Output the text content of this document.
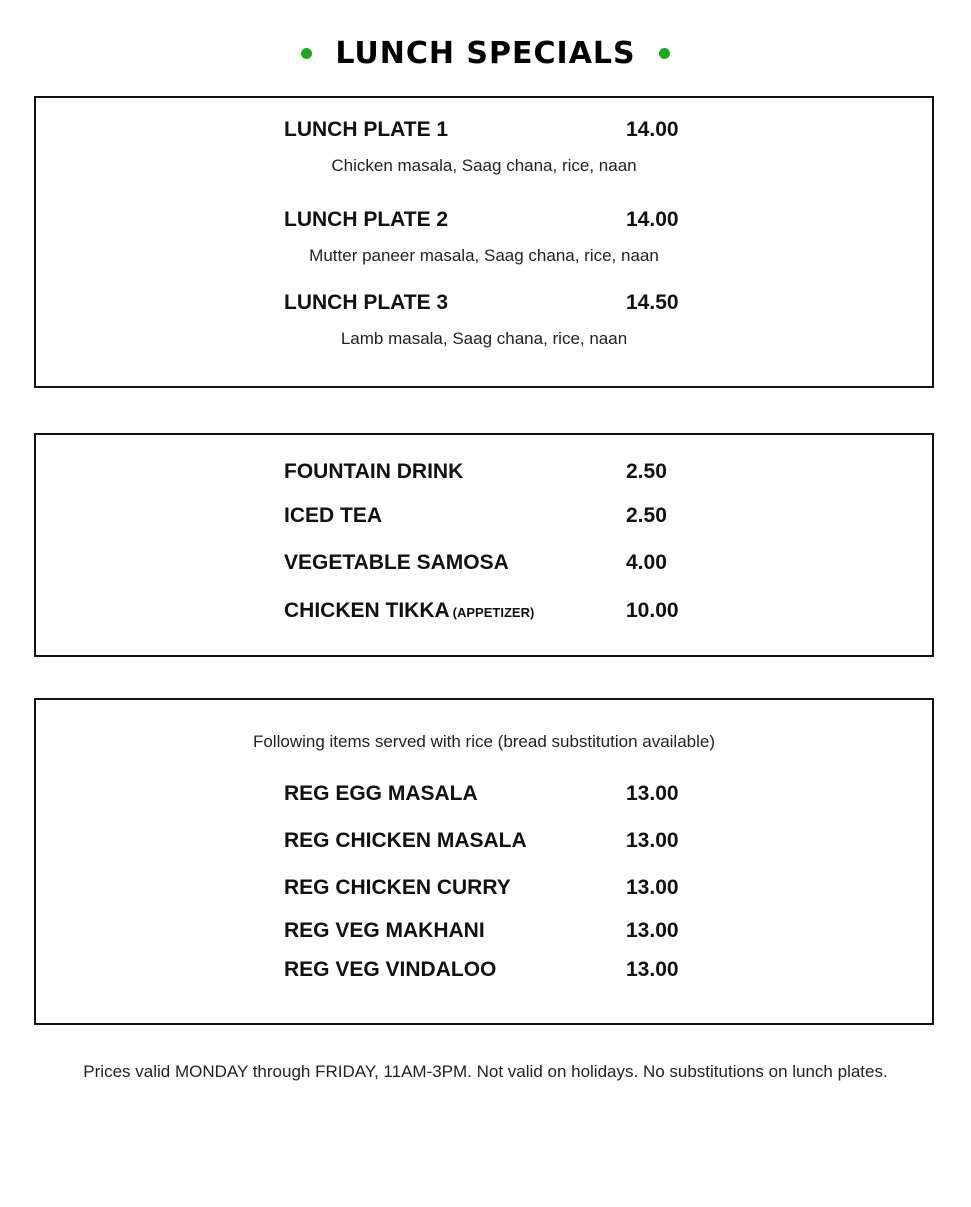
LUNCH SPECIALS
LUNCH PLATE 1	14.00
Chicken masala, Saag chana, rice, naan
LUNCH PLATE 2	14.00
Mutter paneer masala, Saag chana, rice, naan
LUNCH PLATE 3	14.50
Lamb masala, Saag chana, rice, naan
FOUNTAIN DRINK	2.50
ICED TEA	2.50
VEGETABLE SAMOSA	4.00
CHICKEN TIKKA (APPETIZER)	10.00
Following items served with rice (bread substitution available)
REG EGG MASALA	13.00
REG CHICKEN MASALA	13.00
REG CHICKEN CURRY	13.00
REG VEG MAKHANI	13.00
REG VEG VINDALOO	13.00
Prices valid MONDAY through FRIDAY, 11AM-3PM. Not valid on holidays. No substitutions on lunch plates.
